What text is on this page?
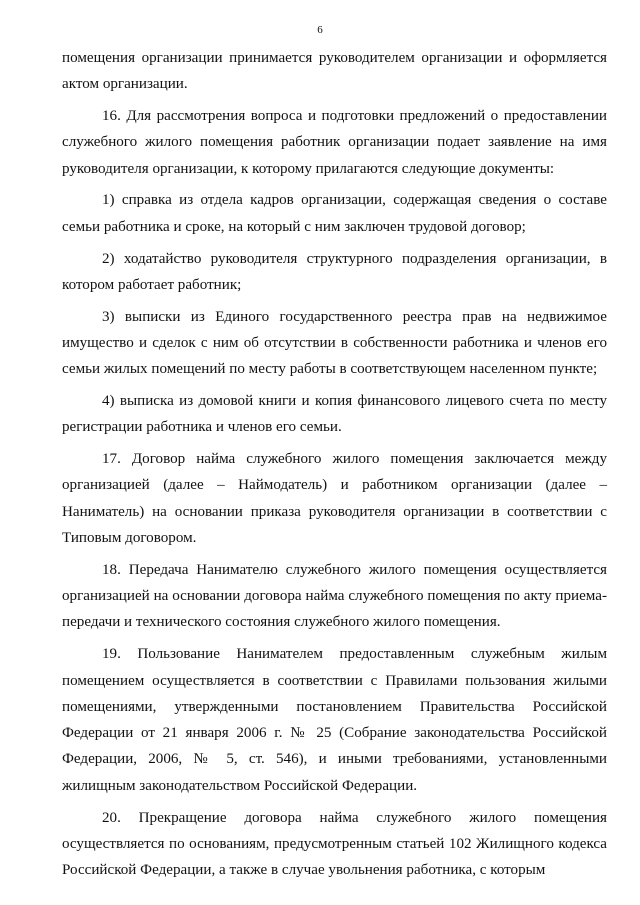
6

помещения организации принимается руководителем организации и оформляется актом организации.

16. Для рассмотрения вопроса и подготовки предложений о предоставлении служебного жилого помещения работник организации подает заявление на имя руководителя организации, к которому прилагаются следующие документы:

1) справка из отдела кадров организации, содержащая сведения о составе семьи работника и сроке, на который с ним заключен трудовой договор;

2) ходатайство руководителя структурного подразделения организации, в котором работает работник;

3) выписки из Единого государственного реестра прав на недвижимое имущество и сделок с ним об отсутствии в собственности работника и членов его семьи жилых помещений по месту работы в соответствующем населенном пункте;

4) выписка из домовой книги и копия финансового лицевого счета по месту регистрации работника и членов его семьи.

17. Договор найма служебного жилого помещения заключается между организацией (далее – Наймодатель) и работником организации (далее – Наниматель) на основании приказа руководителя организации в соответствии с Типовым договором.

18. Передача Нанимателю служебного жилого помещения осуществляется организацией на основании договора найма служебного помещения по акту приема-передачи и технического состояния служебного жилого помещения.

19. Пользование Нанимателем предоставленным служебным жилым помещением осуществляется в соответствии с Правилами пользования жилыми помещениями, утвержденными постановлением Правительства Российской Федерации от 21 января 2006 г. № 25 (Собрание законодательства Российской Федерации, 2006, № 5, ст. 546), и иными требованиями, установленными жилищным законодательством Российской Федерации.

20. Прекращение договора найма служебного жилого помещения осуществляется по основаниям, предусмотренным статьей 102 Жилищного кодекса Российской Федерации, а также в случае увольнения работника, с которым
